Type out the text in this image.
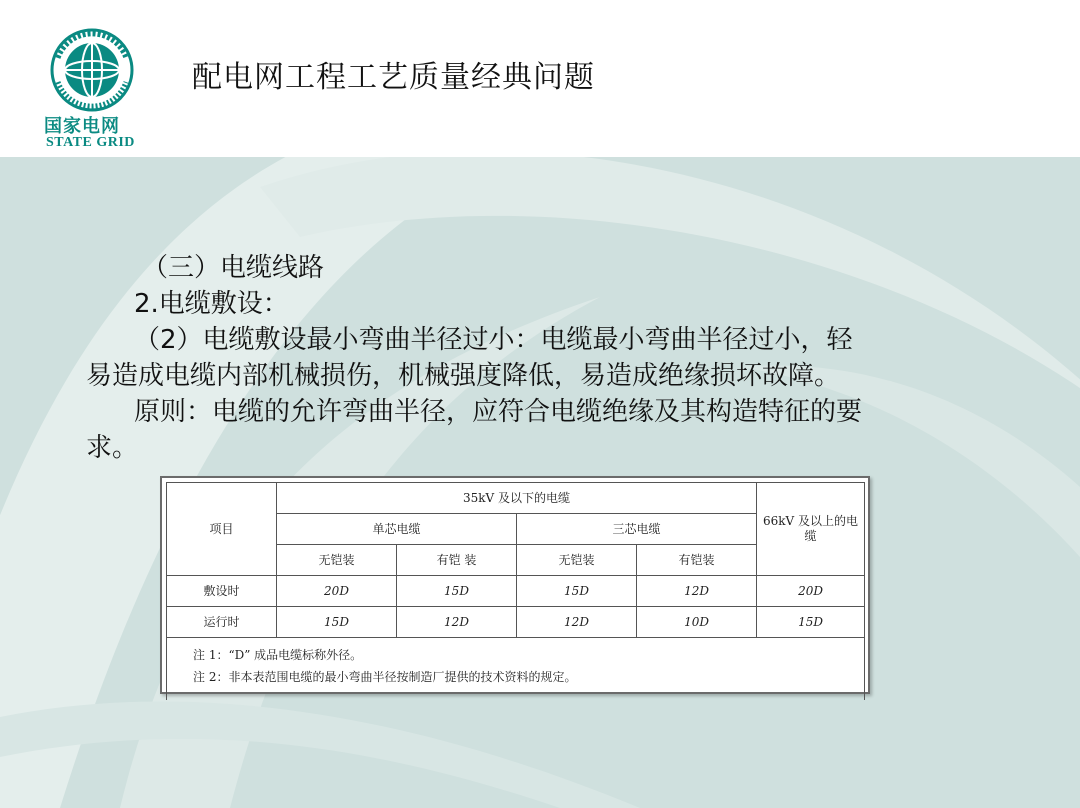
国家电网
STATE GRID
配电网工程工艺质量经典问题
（三）电缆线路
2.电缆敷设：
（2）电缆敷设最小弯曲半径过小：电缆最小弯曲半径过小，轻
易造成电缆内部机械损伤，机械强度降低，易造成绝缘损坏故障。
原则：电缆的允许弯曲半径，应符合电缆绝缘及其构造特征的要
求。
项目	35kV 及以下的电缆				66kV 及以上的电缆
	单芯电缆		三芯电缆		
	无铠装	有铠 装	无铠装	有铠装	
敷设时	20D	15D	15D	12D	20D
运行时	15D	12D	12D	10D	15D

注 1：“D” 成品电缆标称外径。
注 2：非本表范围电缆的最小弯曲半径按制造厂提供的技术资料的规定。					
